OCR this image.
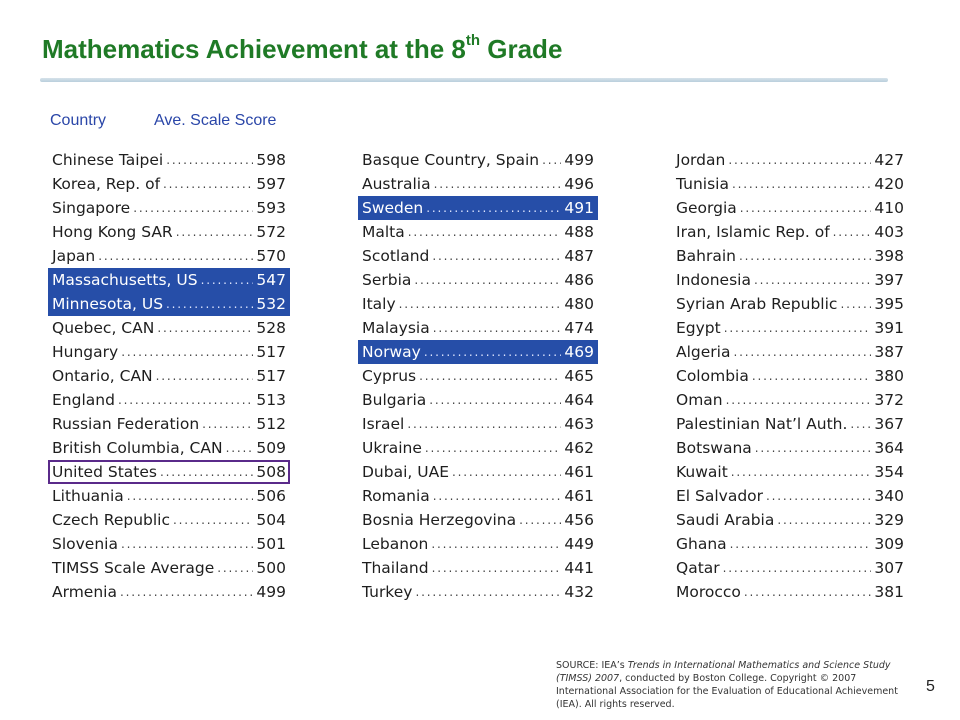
Mathematics Achievement at the 8th Grade
Country	Ave. Scale Score
Chinese Taipei . . .	598
Korea, Rep. of . . .	597
Singapore . . .	593
Hong Kong SAR . . .	572
Japan . . .	570
Massachusetts, US . . .	547
Minnesota, US . . .	532
Quebec, CAN . . .	528
Hungary . . .	517
Ontario, CAN . . .	517
England . . .	513
Russian Federation . . .	512
British Columbia, CAN . . . 509
United States . . .	508
Lithuania . . .	506
Czech Republic . . .	504
Slovenia . . .	501
TIMSS Scale Average . . .	500
Armenia . . .	499
Basque Country, Spain . . . 499
Australia . . .	496
Sweden . . .	491
Malta . . .	488
Scotland . . .	487
Serbia . . .	486
Italy . . .	480
Malaysia . . .	474
Norway . . .	469
Cyprus . . .	465
Bulgaria . . .	464
Israel . . .	463
Ukraine . . .	462
Dubai, UAE . . .	461
Romania . . .	461
Bosnia Herzegovina . . .	456
Lebanon . . .	449
Thailand . . .	441
Turkey . . .	432
Jordan . . .	427
Tunisia . . .	420
Georgia . . .	410
Iran, Islamic Rep. of . . .	403
Bahrain . . .	398
Indonesia . . .	397
Syrian Arab Republic . . . 395
Egypt . . .	391
Algeria . . .	387
Colombia . . .	380
Oman . . .	372
Palestinian Nat’l Auth. . . . 367
Botswana . . .	364
Kuwait . . .	354
El Salvador . . .	340
Saudi Arabia . . .	329
Ghana . . .	309
Qatar . . .	307
Morocco . . .	381
SOURCE: IEA’s Trends in International Mathematics and Science Study (TIMSS) 2007, conducted by Boston College. Copyright © 2007 International Association for the Evaluation of Educational Achievement (IEA). All rights reserved.
5
